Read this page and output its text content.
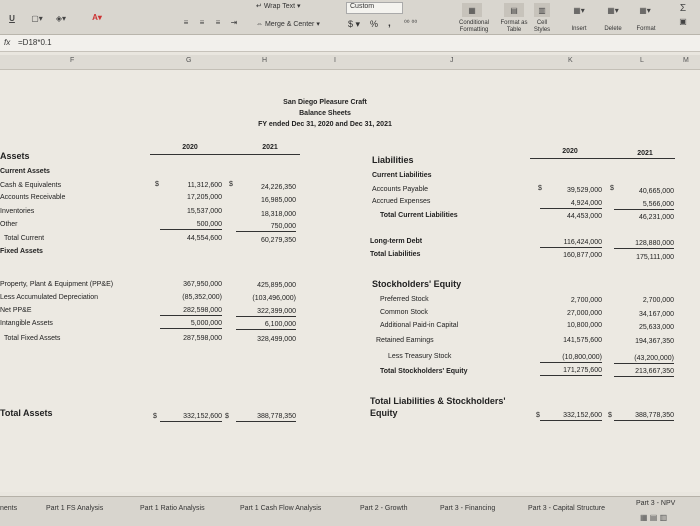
U	▢▾	◈▾	A▾
≡	≡	≡	⇥
↵ Wrap Text ▾
⇔ Merge & Center ▾
Custom
$ ▾ % , ⁰⁰ ⁰⁰
▦
Conditional Formatting
▤
Format as Table
▥
Cell Styles
▦▾
Insert
▦▾
Delete
▦▾
Format
Σ
▣
fx =D18*0.1
F	G	H	I	J	K	L	M
San Diego Pleasure Craft
Balance Sheets
FY ended Dec 31, 2020 and Dec 31, 2021
2020	2021
2020	2021
Assets
Current Assets
Cash & Equivalents
Accounts Receivable
Inventories
Other
Total Current
Fixed Assets
Property, Plant & Equipment (PP&E)
Less Accumulated Depreciation
Net PP&E
Intangible Assets
Total Fixed Assets
Total Assets
$	$
$	$
11,312,600
17,205,000
15,537,000
500,000
44,554,600
367,950,000
(85,352,000)
282,598,000
5,000,000
287,598,000
332,152,600
24,226,350
16,985,000
18,318,000
750,000
60,279,350
425,895,000
(103,496,000)
322,399,000
6,100,000
328,499,000
388,778,350
Liabilities
Current Liabilities
Accounts Payable
Accrued Expenses
Total Current Liabilities
Long-term Debt
Total Liabilities
$	$
39,529,000
4,924,000
44,453,000
116,424,000
160,877,000
40,665,000
5,566,000
46,231,000
128,880,000
175,111,000
Stockholders' Equity
Preferred Stock
Common Stock
Additional Paid-in Capital
Retained Earnings
Less Treasury Stock
Total Stockholders' Equity
2,700,000
27,000,000
10,800,000
141,575,600
(10,800,000)
171,275,600
2,700,000
34,167,000
25,633,000
194,367,350
(43,200,000)
213,667,350
Total Liabilities & Stockholders' Equity	$	$
332,152,600	388,778,350
nents	Part 1 FS Analysis	Part 1 Ratio Analysis	Part 1 Cash Flow Analysis	Part 2 - Growth	Part 3 - Financing	Part 3 - Capital Structure
Part 3 - NPV
▦ ▤ ▥
